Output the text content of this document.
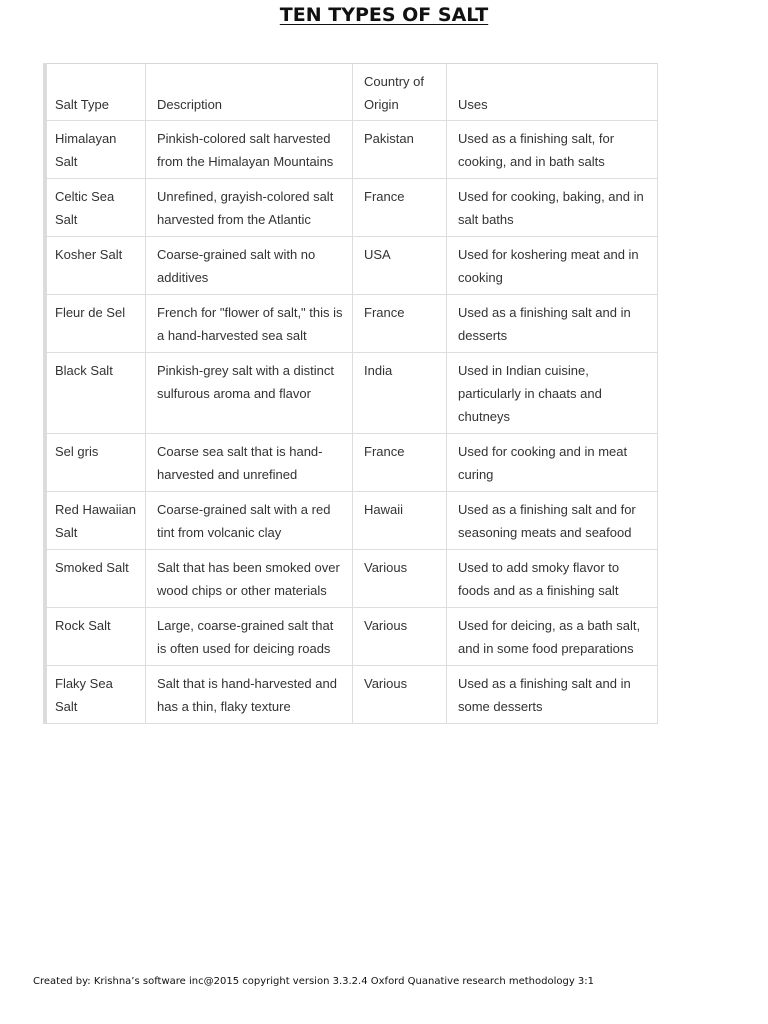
TEN TYPES OF SALT
Salt Type	Description	Country of Origin	Uses
Himalayan Salt	Pinkish-colored salt harvested from the Himalayan Mountains	Pakistan	Used as a finishing salt, for cooking, and in bath salts
Celtic Sea Salt	Unrefined, grayish-colored salt harvested from the Atlantic	France	Used for cooking, baking, and in salt baths
Kosher Salt	Coarse-grained salt with no additives	USA	Used for koshering meat and in cooking
Fleur de Sel	French for "flower of salt," this is a hand-harvested sea salt	France	Used as a finishing salt and in desserts
Black Salt	Pinkish-grey salt with a distinct sulfurous aroma and flavor	India	Used in Indian cuisine, particularly in chaats and chutneys
Sel gris	Coarse sea salt that is hand-harvested and unrefined	France	Used for cooking and in meat curing
Red Hawaiian Salt	Coarse-grained salt with a red tint from volcanic clay	Hawaii	Used as a finishing salt and for seasoning meats and seafood
Smoked Salt	Salt that has been smoked over wood chips or other materials	Various	Used to add smoky flavor to foods and as a finishing salt
Rock Salt	Large, coarse-grained salt that is often used for deicing roads	Various	Used for deicing, as a bath salt, and in some food preparations
Flaky Sea Salt	Salt that is hand-harvested and has a thin, flaky texture	Various	Used as a finishing salt and in some desserts
Created by: Krishna’s software inc@2015 copyright version 3.3.2.4 Oxford Quanative research methodology 3:1
